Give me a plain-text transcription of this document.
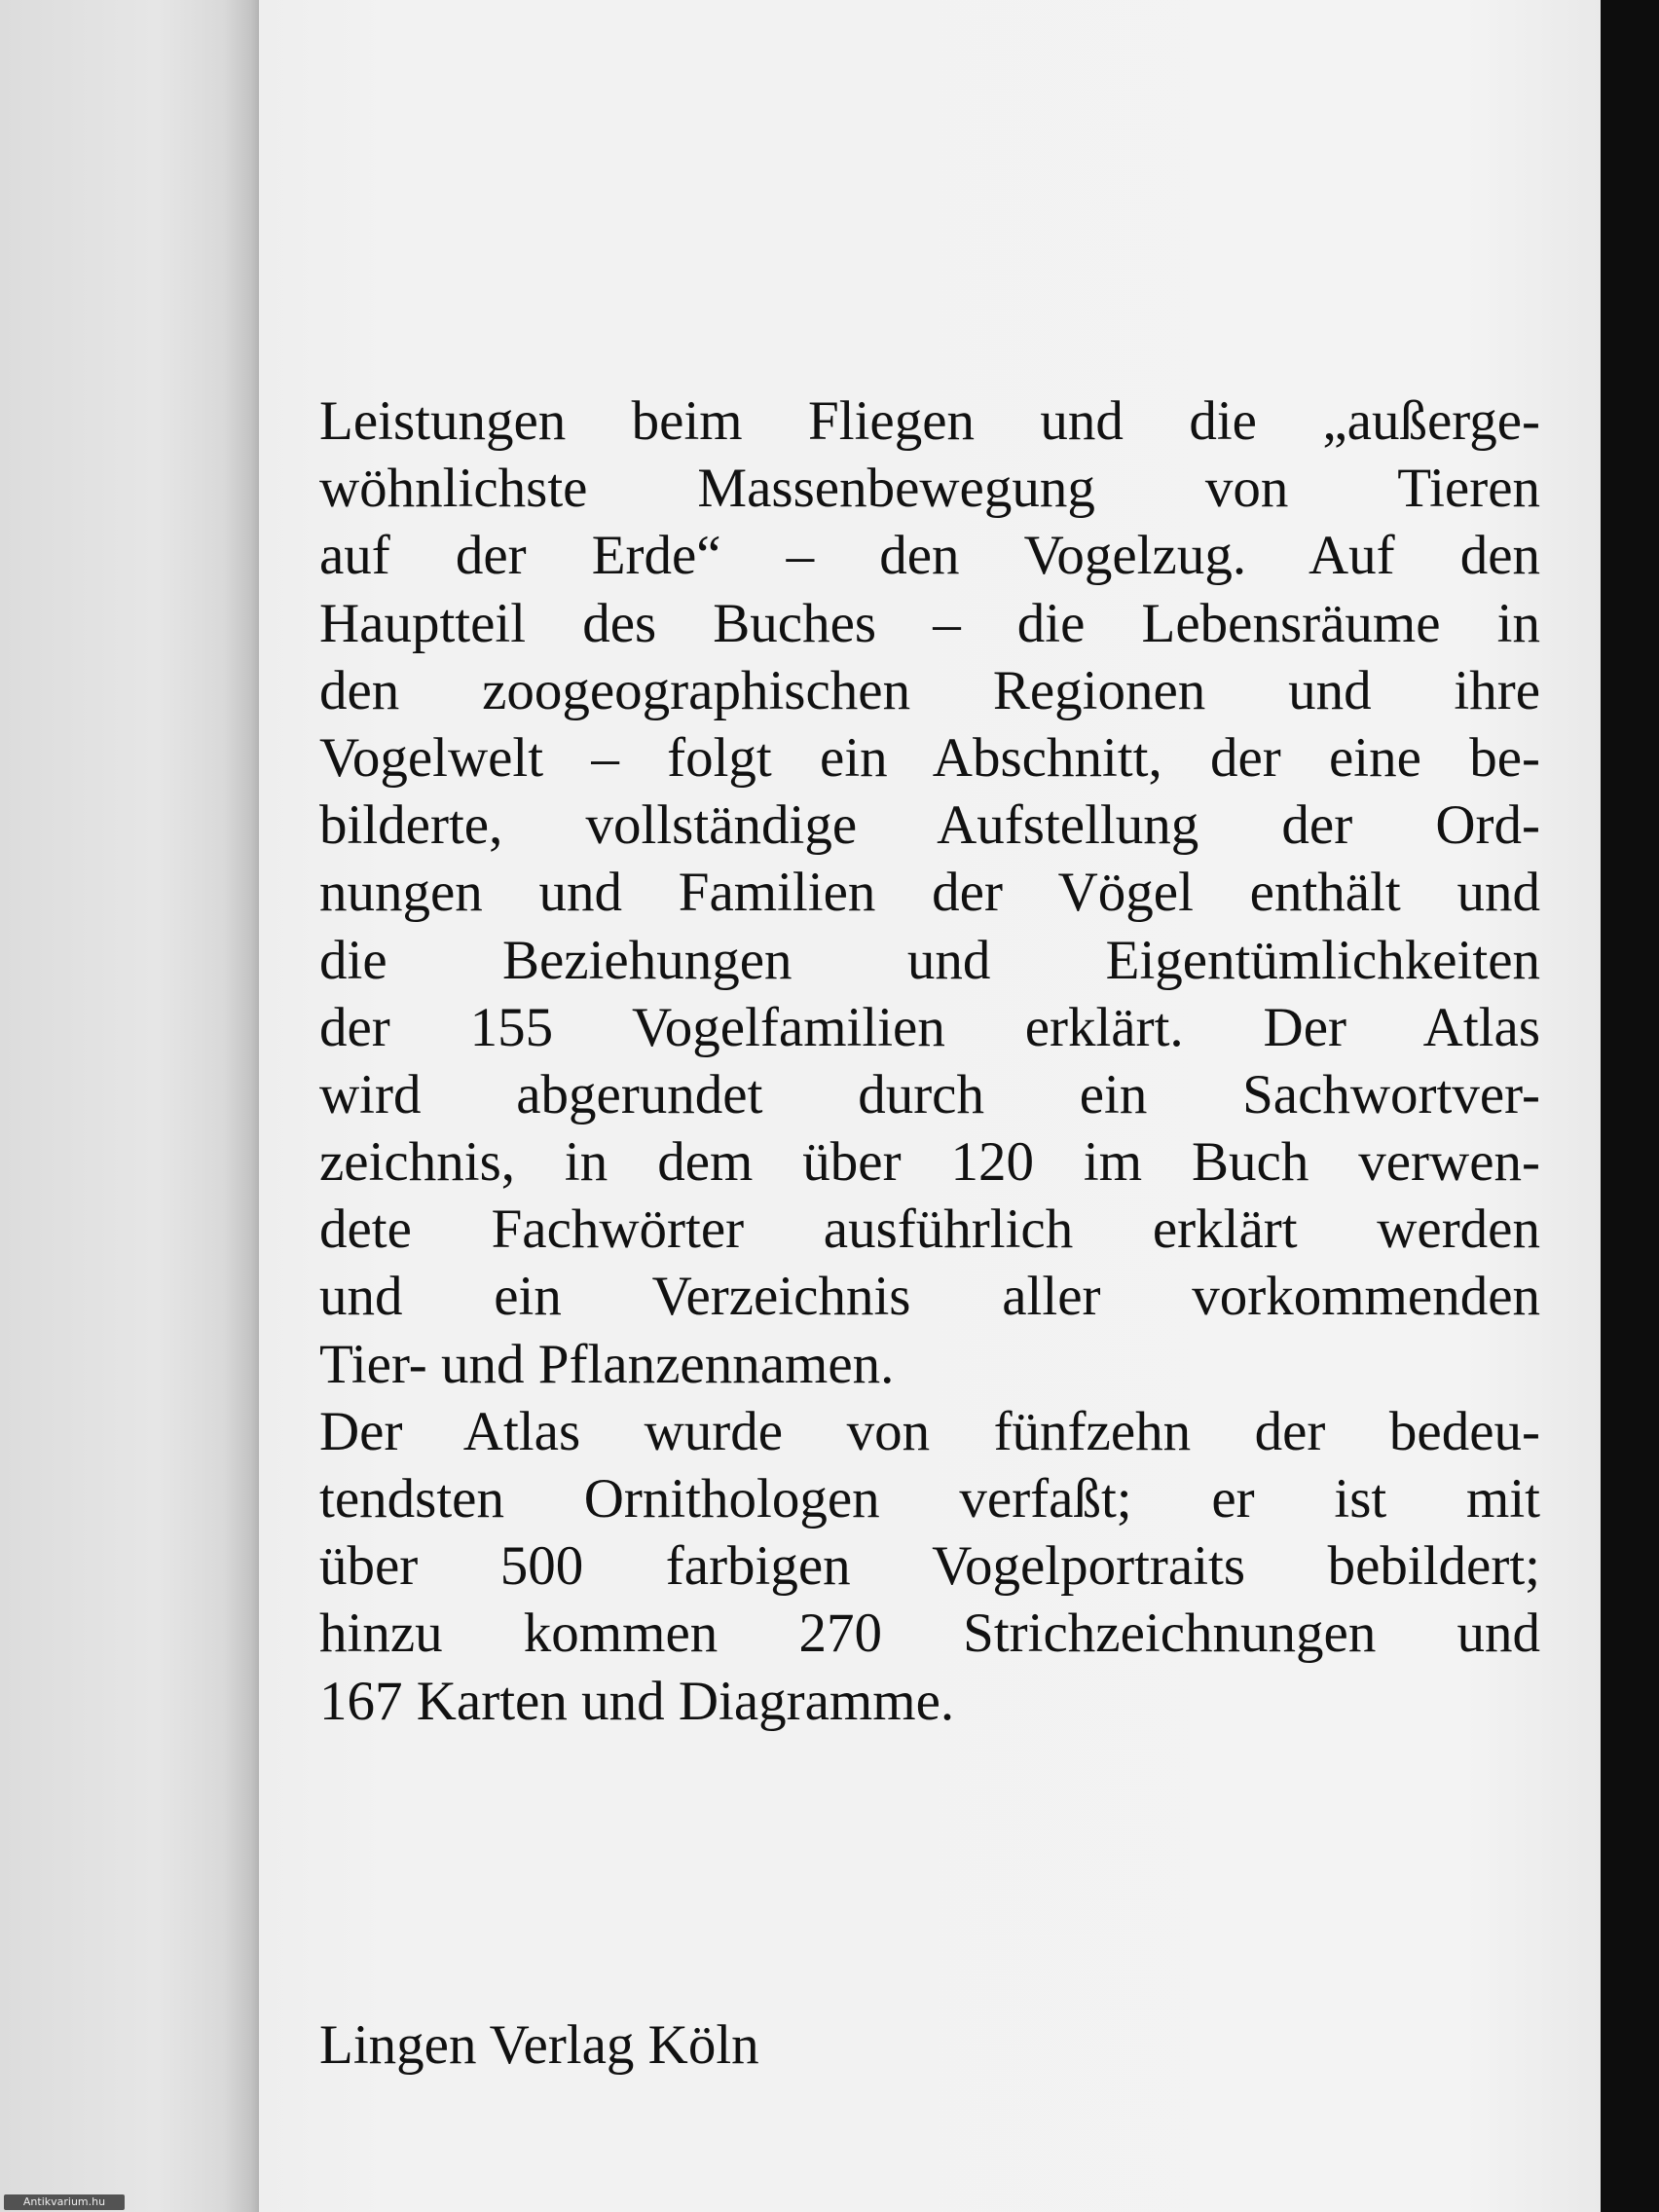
Leistungen beim Fliegen und die „außerge-
wöhnlichste Massenbewegung von Tieren
auf der Erde“ – den Vogelzug. Auf den
Hauptteil des Buches – die Lebensräume in
den zoogeographischen Regionen und ihre
Vogelwelt – folgt ein Abschnitt, der eine be-
bilderte, vollständige Aufstellung der Ord-
nungen und Familien der Vögel enthält und
die Beziehungen und Eigentümlichkeiten
der 155 Vogelfamilien erklärt. Der Atlas
wird abgerundet durch ein Sachwortver-
zeichnis, in dem über 120 im Buch verwen-
dete Fachwörter ausführlich erklärt werden
und ein Verzeichnis aller vorkommenden
Tier- und Pflanzennamen.
Der Atlas wurde von fünfzehn der bedeu-
tendsten Ornithologen verfaßt; er ist mit
über 500 farbigen Vogelportraits bebildert;
hinzu kommen 270 Strichzeichnungen und
167 Karten und Diagramme.
Lingen Verlag Köln
Antikvarium.hu
